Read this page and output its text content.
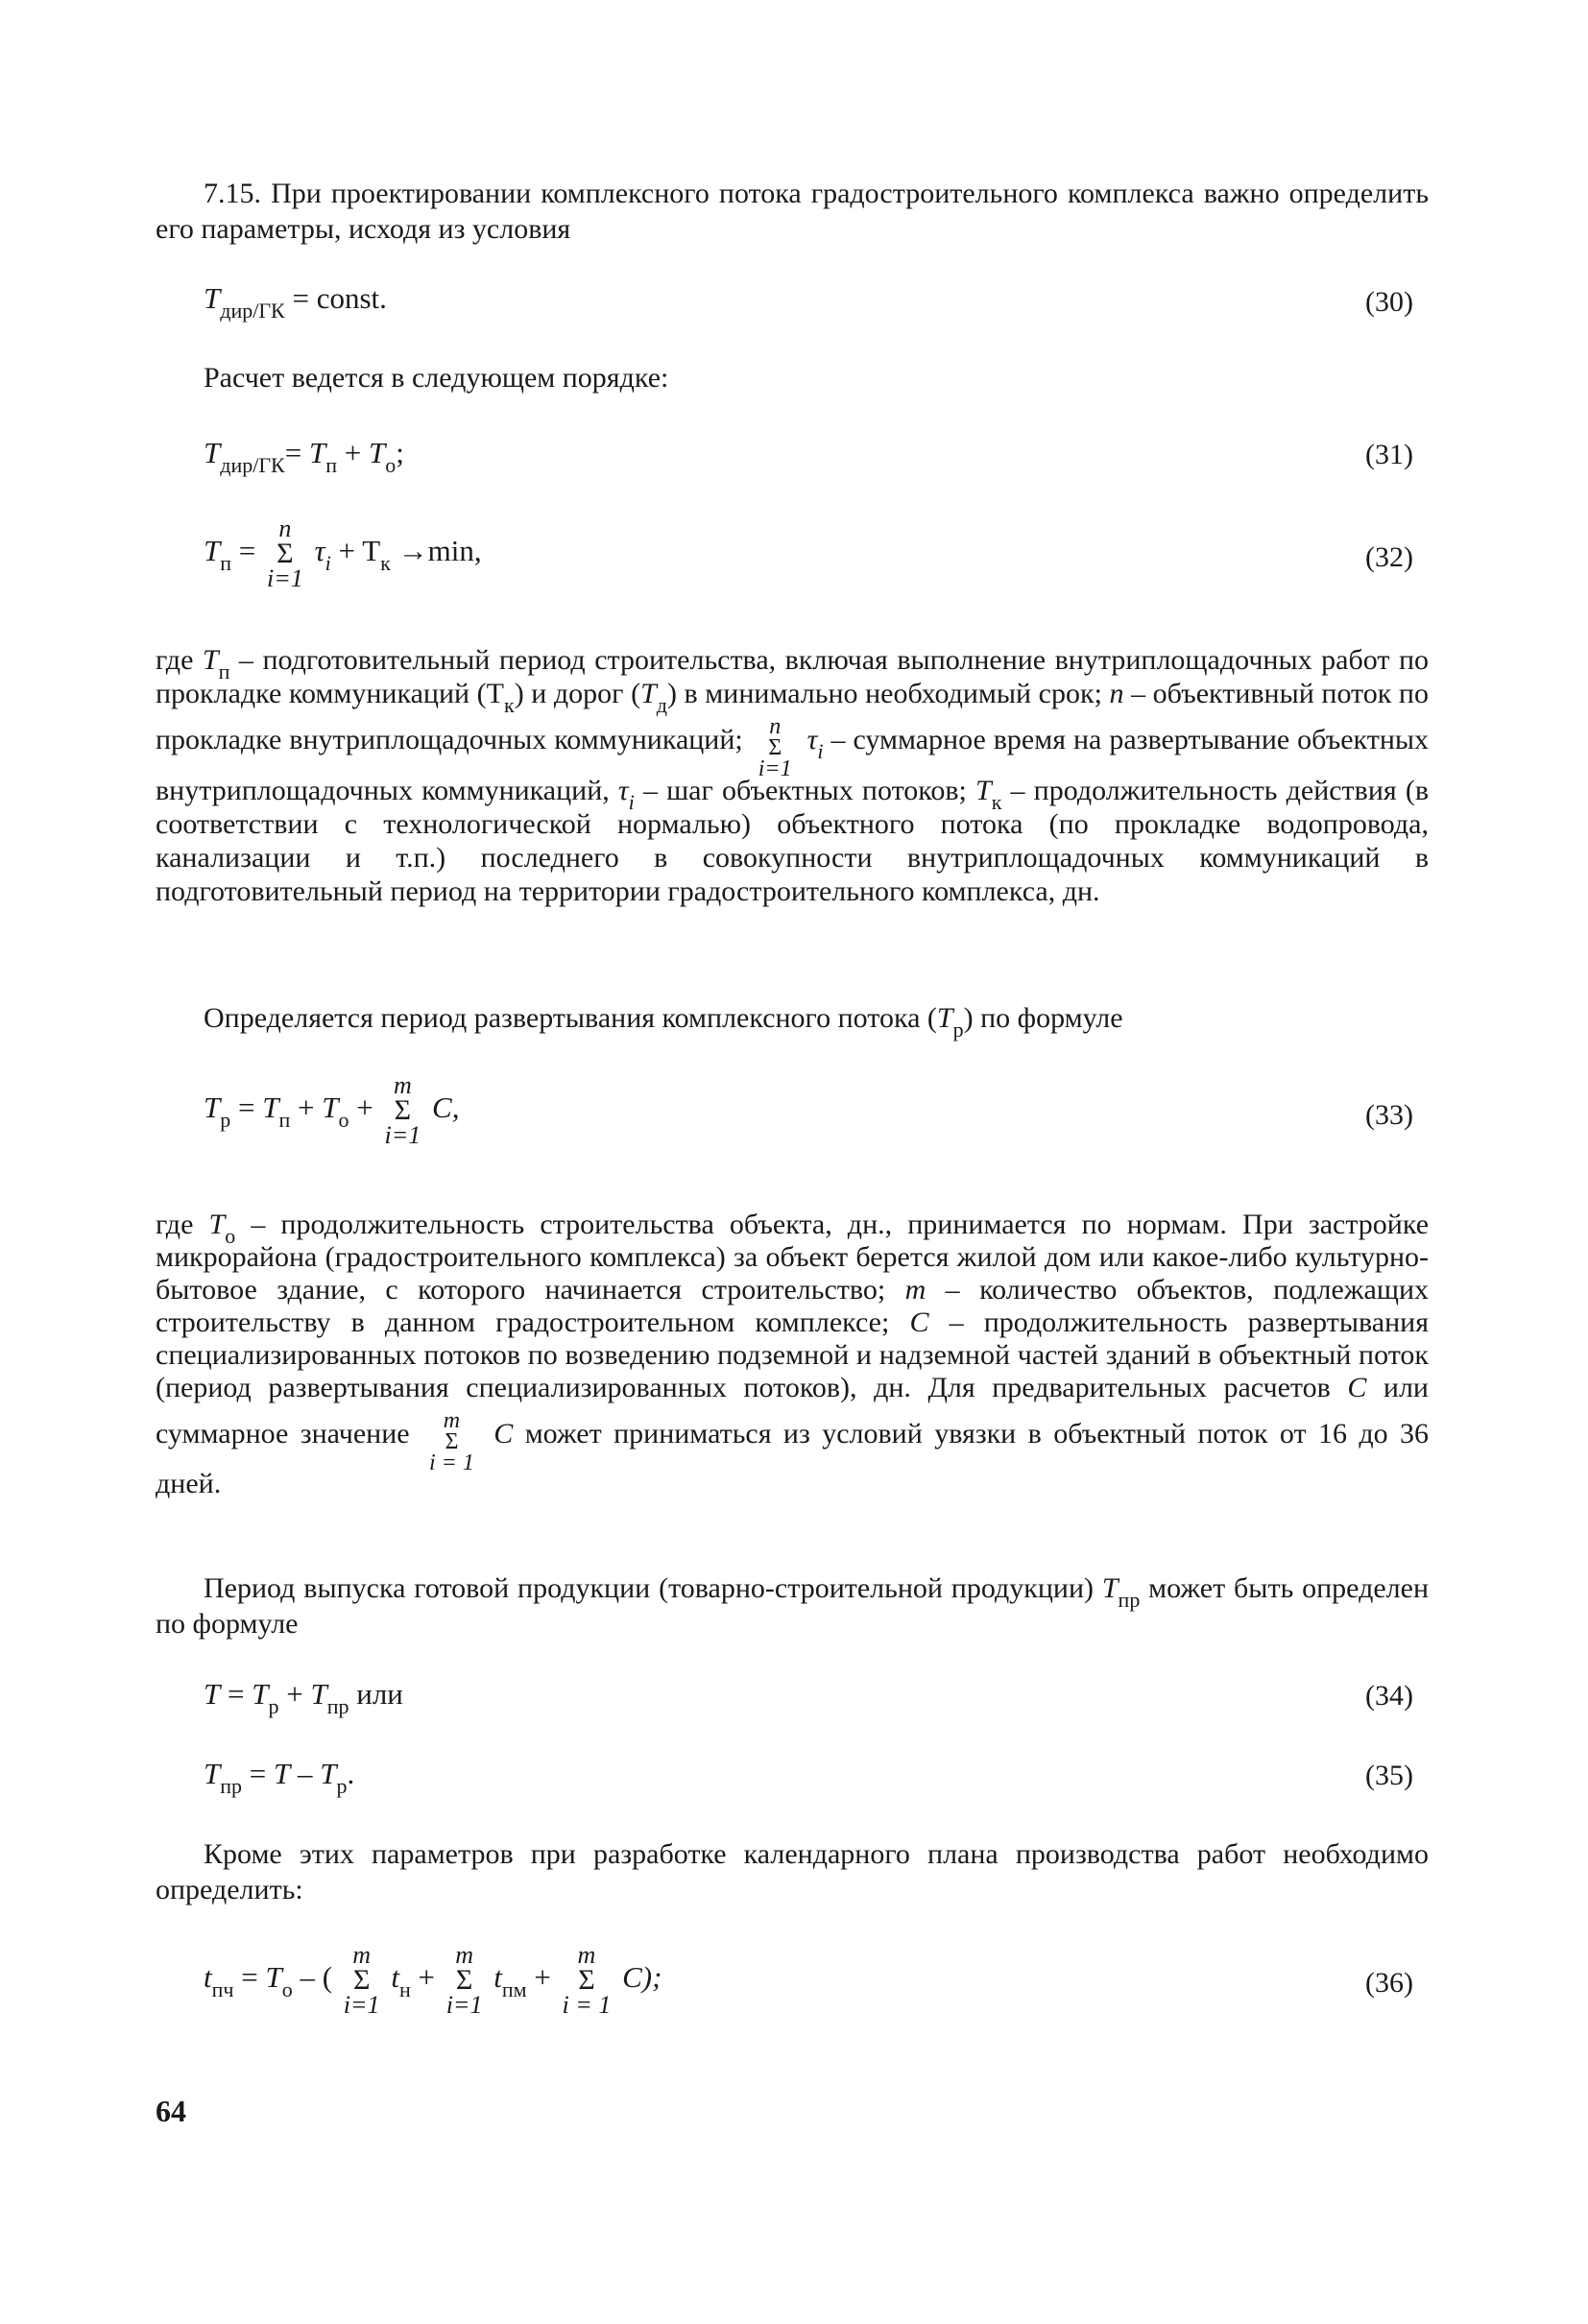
7.15. При проектировании комплексного потока градостроительного комплекса важно определить его параметры, исходя из условия

$T_{дир/ГК}$ = const.	(30)

Расчет ведется в следующем порядке:

$T_{дир/ГК}= T_п + T_о$;	(31)
$T_п$ =
n
Σ
i=1
$\tau_i + T_к \to\min$,	(32)

где $T_п$ – подготовительный период строительства, включая выполнение внутриплощадочных работ по прокладке коммуникаций $(T_к)$ и дорог $(T_д)$ в минимально необходимый срок; n – объективный поток по прокладке внутриплощадочных коммуникаций;	n
Σ
i=1
$\tau_i$ – суммарное время на развертывание объектных внутриплощадочных коммуникаций, $\tau_i$ – шаг объектных потоков; $T_к$ – продолжительность действия (в соответствии с технологической нормалью) объектного потока (по прокладке водопровода, канализации и т.п.) последнего в совокупности внутриплощадочных коммуникаций в подготовительный период на территории градостроительного комплекса, дн.

Определяется период развертывания комплексного потока $(T_р)$ по формуле

$T_р = T_п + T_о$ +
m
Σ
i=1
C,	(33)

где $T_о$ – продолжительность строительства объекта, дн., принимается по нормам. При застройке микрорайона (градостроительного комплекса) за объект берется жилой дом или какое-либо культурно-бытовое здание, с которого начинается строительство; m – количество объектов, подлежащих строительству в данном градостроительном комплексе; C – продолжительность развертывания специализированных потоков по возведению подземной и надземной частей зданий в объектный поток (период развертывания специализированных потоков), дн. Для предварительных расчетов C или суммарное значение	m
Σ
i = 1
C может приниматься из условий увязки в объектный поток от 16 до 36 дней.

Период выпуска готовой продукции (товарно-строительной продукции) $T_{пр}$ может быть определен по формуле

$T = T_р + T_{пр}$ или	(34)
$T_{пр} = T - T_р$.	(35)

Кроме этих параметров при разработке календарного плана производства работ необходимо определить:

$t_{пч} = T_о$ – (
m
Σ
i=1
$t_н$ +
m
Σ
i=1
$t_{пм}$ +
m
Σ
i = 1
C);	(36)
64
